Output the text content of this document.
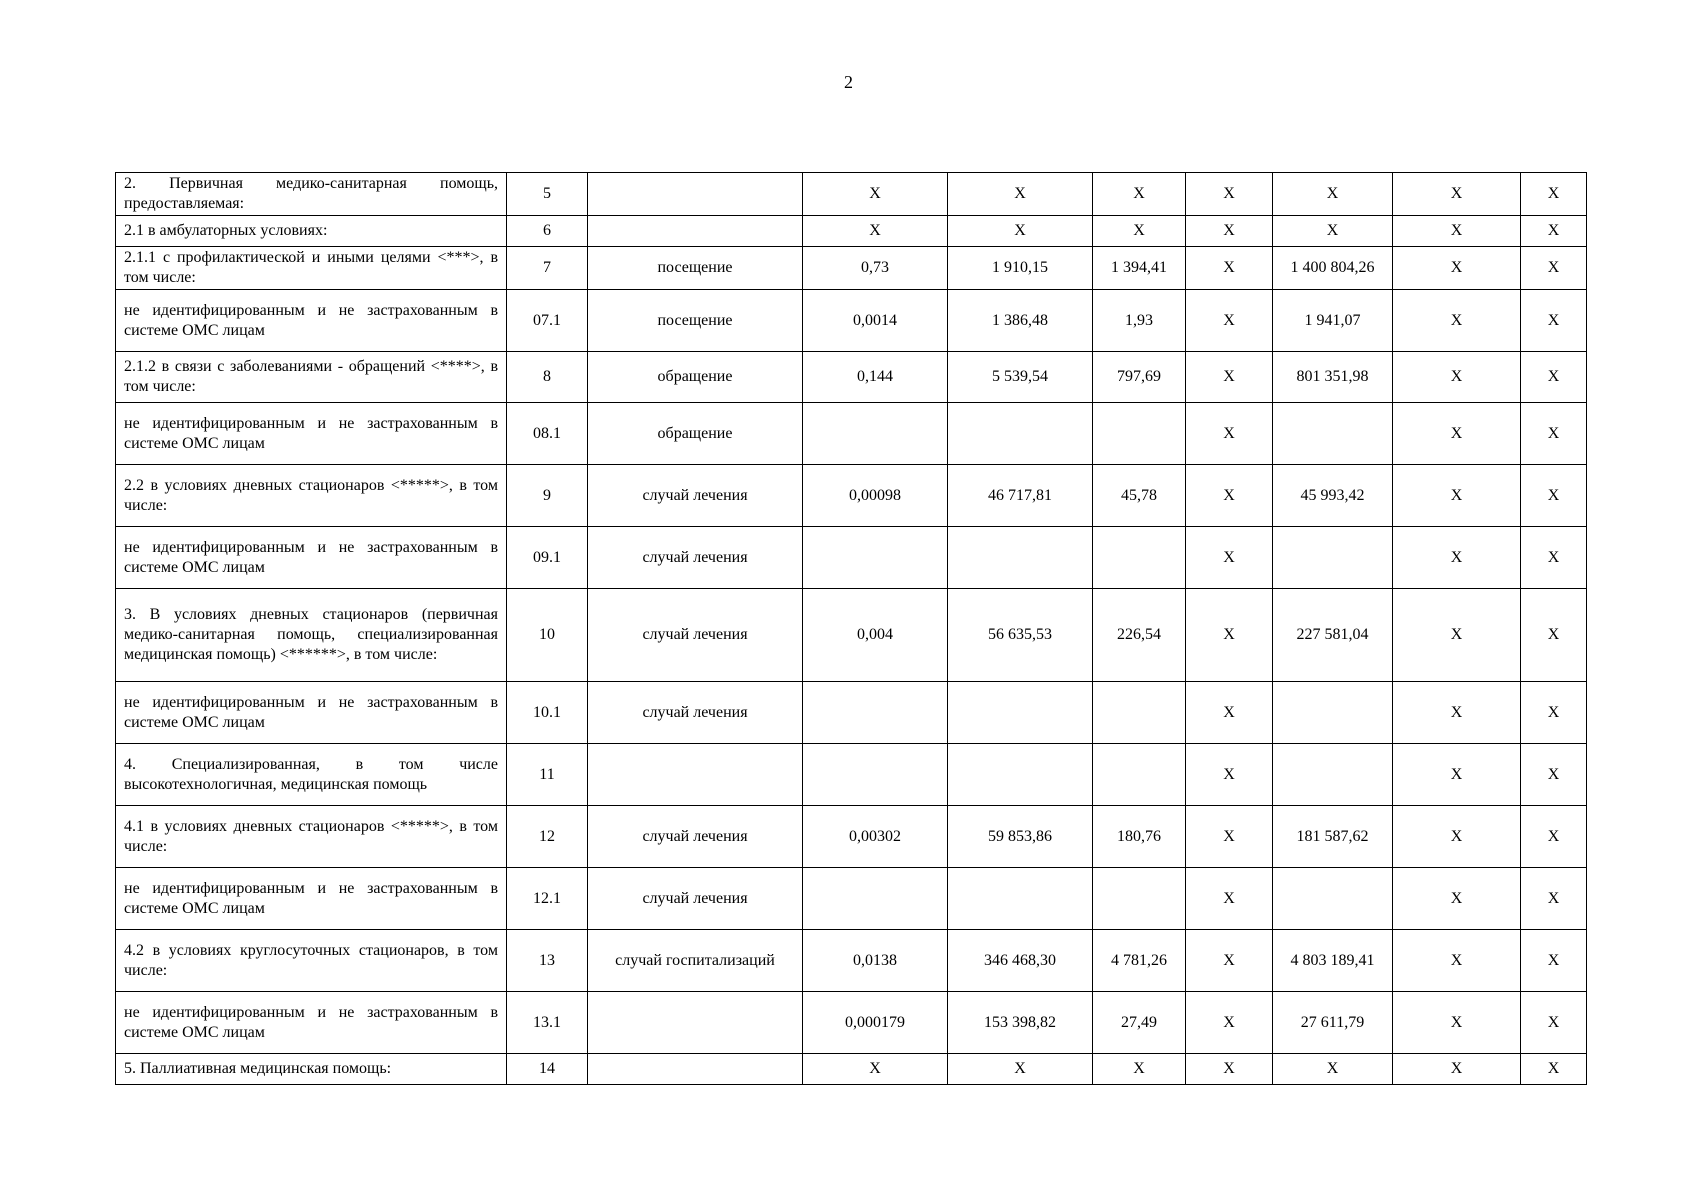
2
2. Первичная медико-санитарная помощь, предоставляемая:	5		X	X	X	X	X	X	X
2.1 в амбулаторных условиях:	6		X	X	X	X	X	X	X
2.1.1 с профилактической и иными целями <***>, в том числе:	7	посещение	0,73	1 910,15	1 394,41	X	1 400 804,26	X	X
не идентифицированным и не застрахованным в системе ОМС лицам	07.1	посещение	0,0014	1 386,48	1,93	X	1 941,07	X	X
2.1.2 в связи с заболеваниями - обращений <****>, в том числе:	8	обращение	0,144	5 539,54	797,69	X	801 351,98	X	X
не идентифицированным и не застрахованным в системе ОМС лицам	08.1	обращение				X		X	X
2.2 в условиях дневных стационаров <*****>, в том числе:	9	случай лечения	0,00098	46 717,81	45,78	X	45 993,42	X	X
не идентифицированным и не застрахованным в системе ОМС лицам	09.1	случай лечения				X		X	X
3. В условиях дневных стационаров (первичная медико-санитарная помощь, специализированная медицинская помощь) <******>, в том числе:	10	случай лечения	0,004	56 635,53	226,54	X	227 581,04	X	X
не идентифицированным и не застрахованным в системе ОМС лицам	10.1	случай лечения				X		X	X
4. Специализированная, в том числе высокотехнологичная, медицинская помощь	11					X		X	X
4.1 в условиях дневных стационаров <*****>, в том числе:	12	случай лечения	0,00302	59 853,86	180,76	X	181 587,62	X	X
не идентифицированным и не застрахованным в системе ОМС лицам	12.1	случай лечения				X		X	X
4.2 в условиях круглосуточных стационаров, в том числе:	13	случай госпитализаций	0,0138	346 468,30	4 781,26	X	4 803 189,41	X	X
не идентифицированным и не застрахованным в системе ОМС лицам	13.1		0,000179	153 398,82	27,49	X	27 611,79	X	X
5. Паллиативная медицинская помощь:	14		X	X	X	X	X	X	X
